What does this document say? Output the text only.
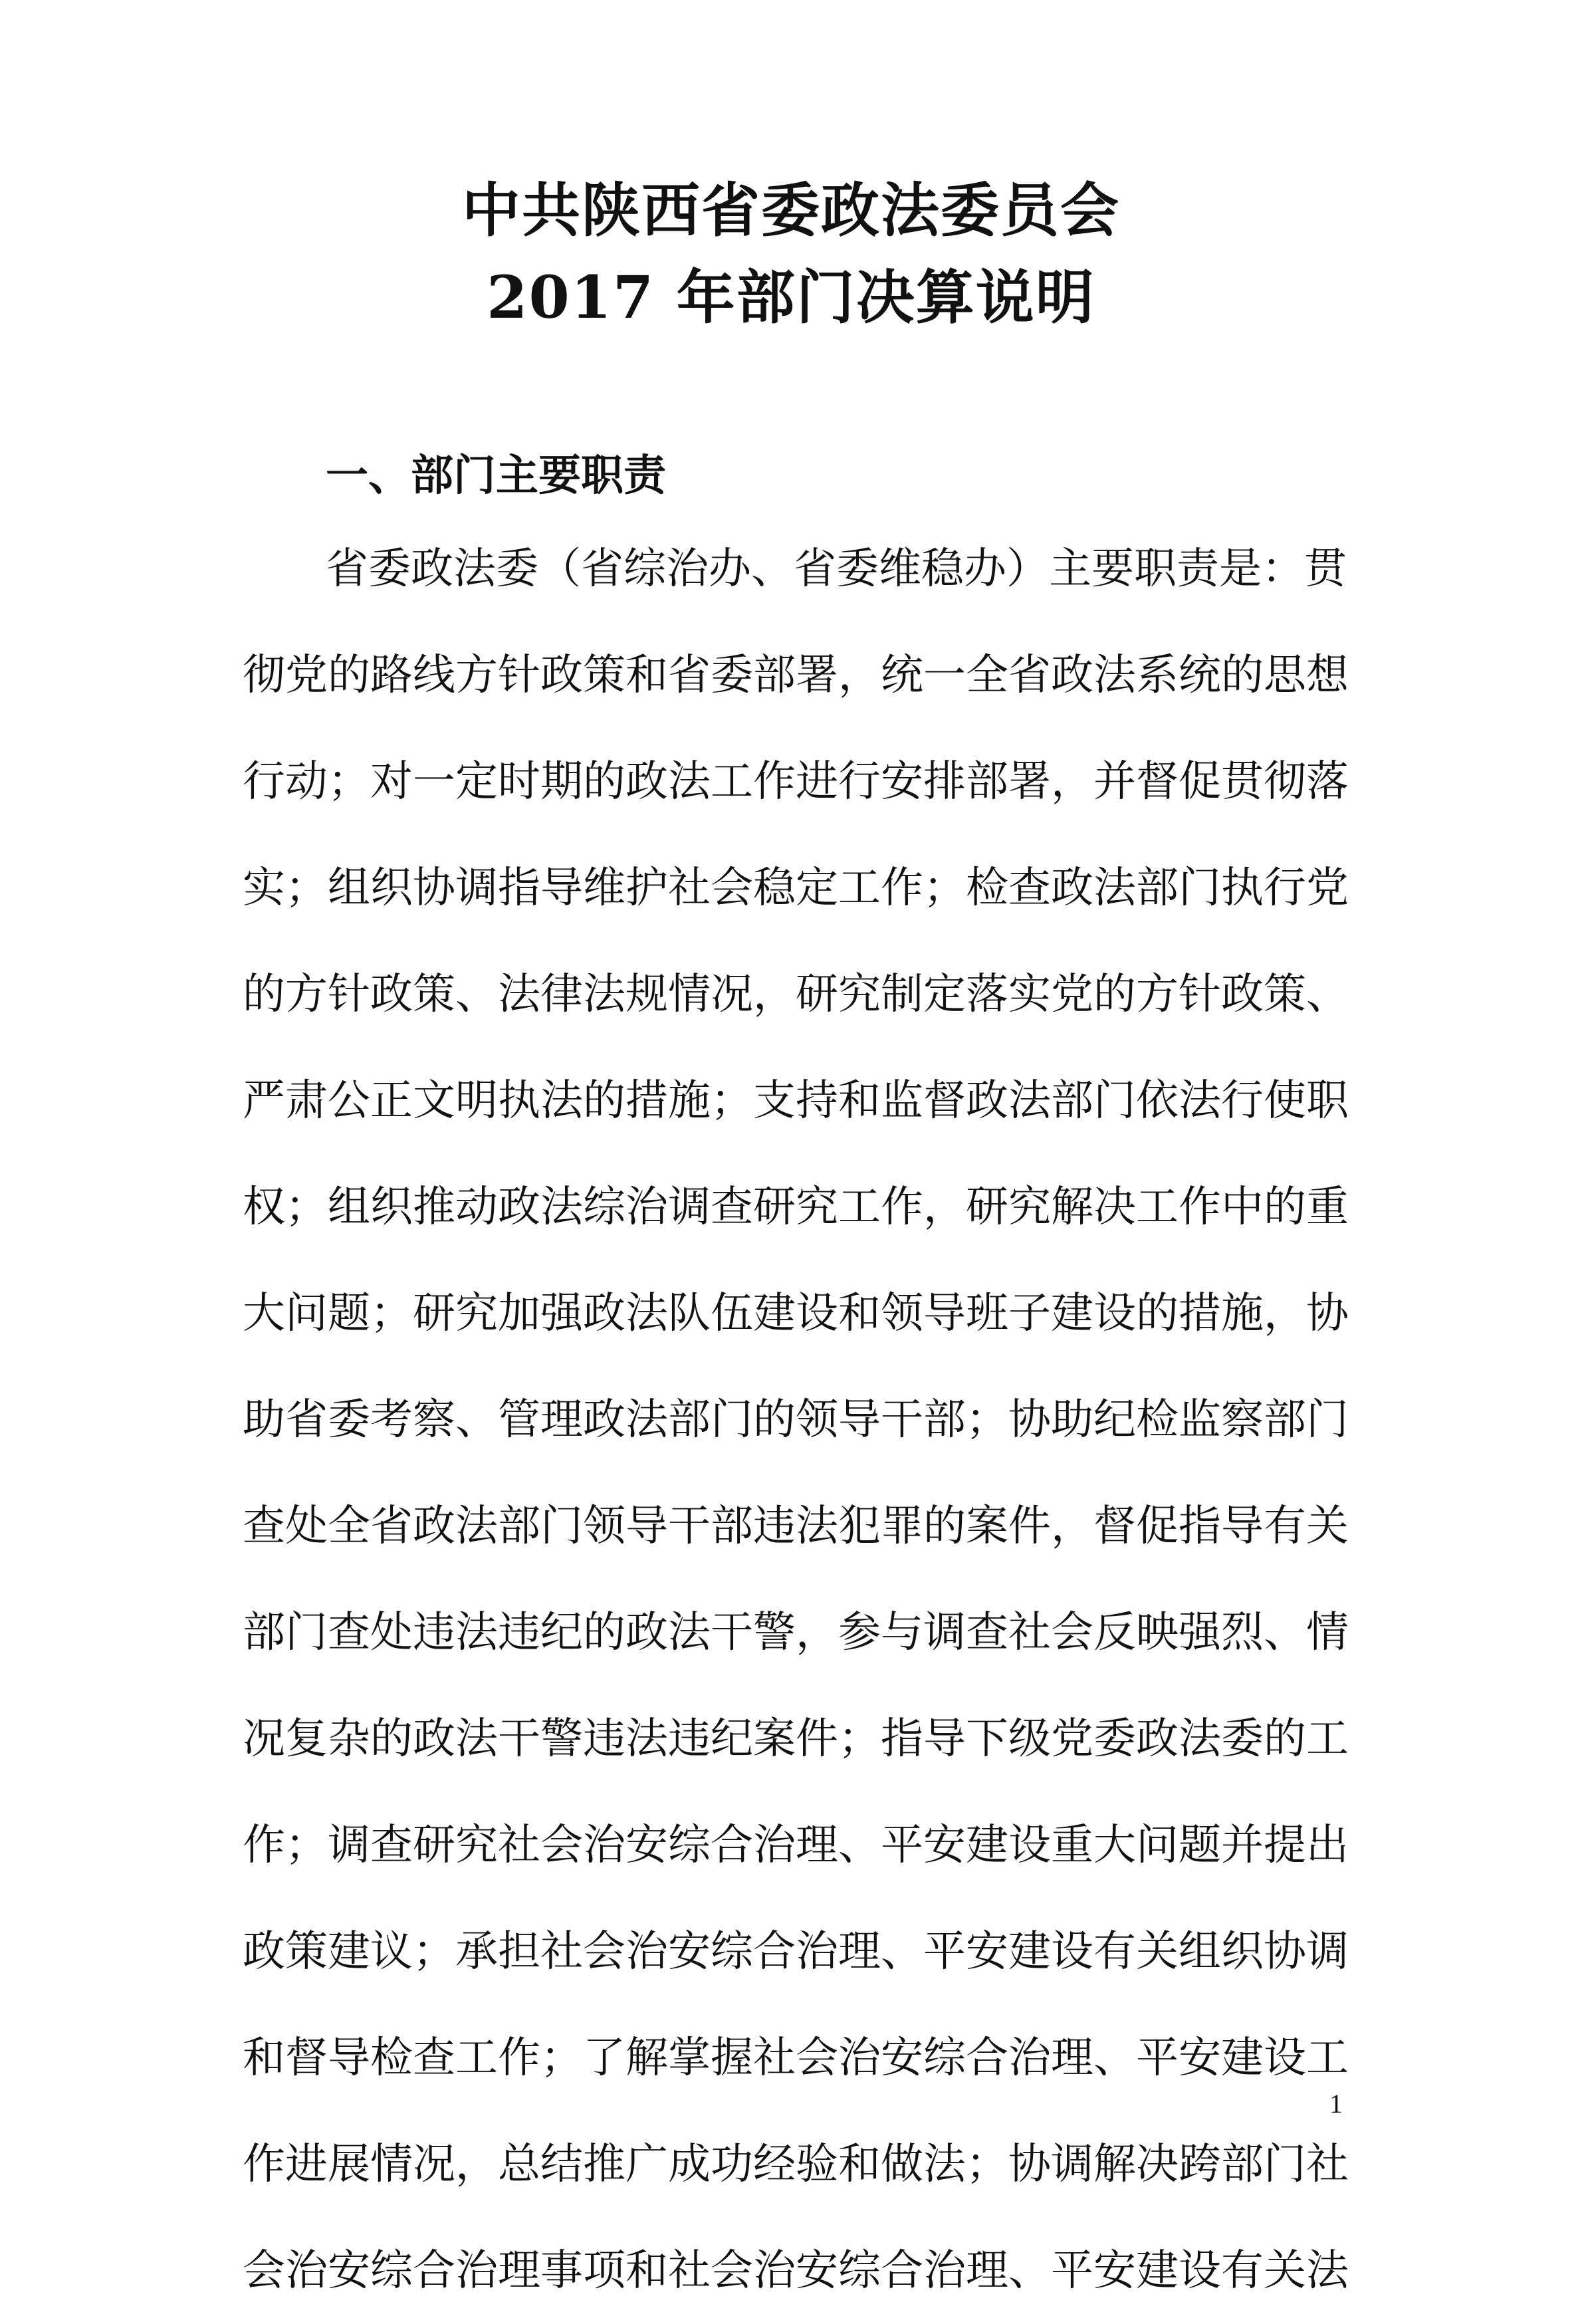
中共陕西省委政法委员会
2017 年部门决算说明
一、部门主要职责
省委政法委（省综治办、省委维稳办）主要职责是：贯
彻党的路线方针政策和省委部署，统一全省政法系统的思想
行动；对一定时期的政法工作进行安排部署，并督促贯彻落
实；组织协调指导维护社会稳定工作；检查政法部门执行党
的方针政策、法律法规情况，研究制定落实党的方针政策、
严肃公正文明执法的措施；支持和监督政法部门依法行使职
权；组织推动政法综治调查研究工作，研究解决工作中的重
大问题；研究加强政法队伍建设和领导班子建设的措施，协
助省委考察、管理政法部门的领导干部；协助纪检监察部门
查处全省政法部门领导干部违法犯罪的案件，督促指导有关
部门查处违法违纪的政法干警，参与调查社会反映强烈、情
况复杂的政法干警违法违纪案件；指导下级党委政法委的工
作；调查研究社会治安综合治理、平安建设重大问题并提出
政策建议；承担社会治安综合治理、平安建设有关组织协调
和督导检查工作；了解掌握社会治安综合治理、平安建设工
作进展情况，总结推广成功经验和做法；协调解决跨部门社
会治安综合治理事项和社会治安综合治理、平安建设有关法
1
